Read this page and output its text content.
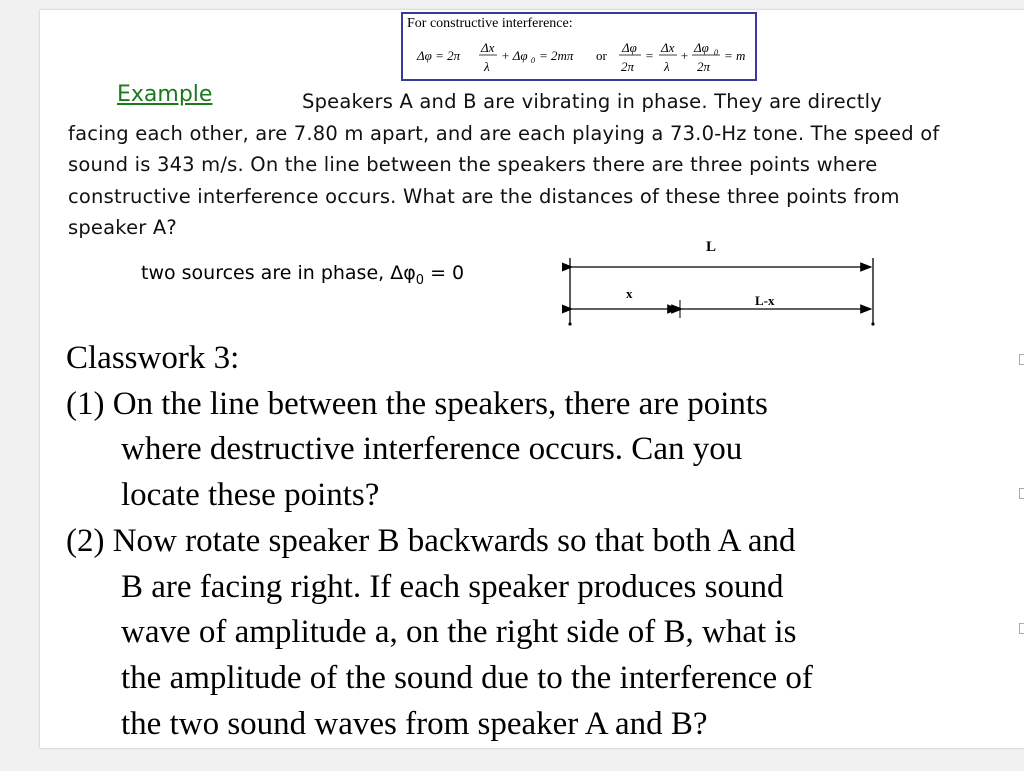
For constructive interference:
Δφ = 2π
Δx
λ
+ Δφ 0 = 2mπ or
Δφ
2π
=
Δx
λ
+
Δφ 0
2π
= m
Example	Speakers A and B are vibrating in phase. They are directly
facing each other, are 7.80 m apart, and are each playing a 73.0-Hz tone. The speed of
sound is 343 m/s. On the line between the speakers there are three points where
constructive interference occurs. What are the distances of these three points from
speaker A?
two sources are in phase, $\Delta\varphi_0 = 0$
L
x	L-x
Classwork 3:
(1) On the line between the speakers, there are points
where destructive interference occurs. Can you
locate these points?
(2) Now rotate speaker B backwards so that both A and
B are facing right. If each speaker produces sound
wave of amplitude a, on the right side of B, what is
the amplitude of the sound due to the interference of
the two sound waves from speaker A and B?
